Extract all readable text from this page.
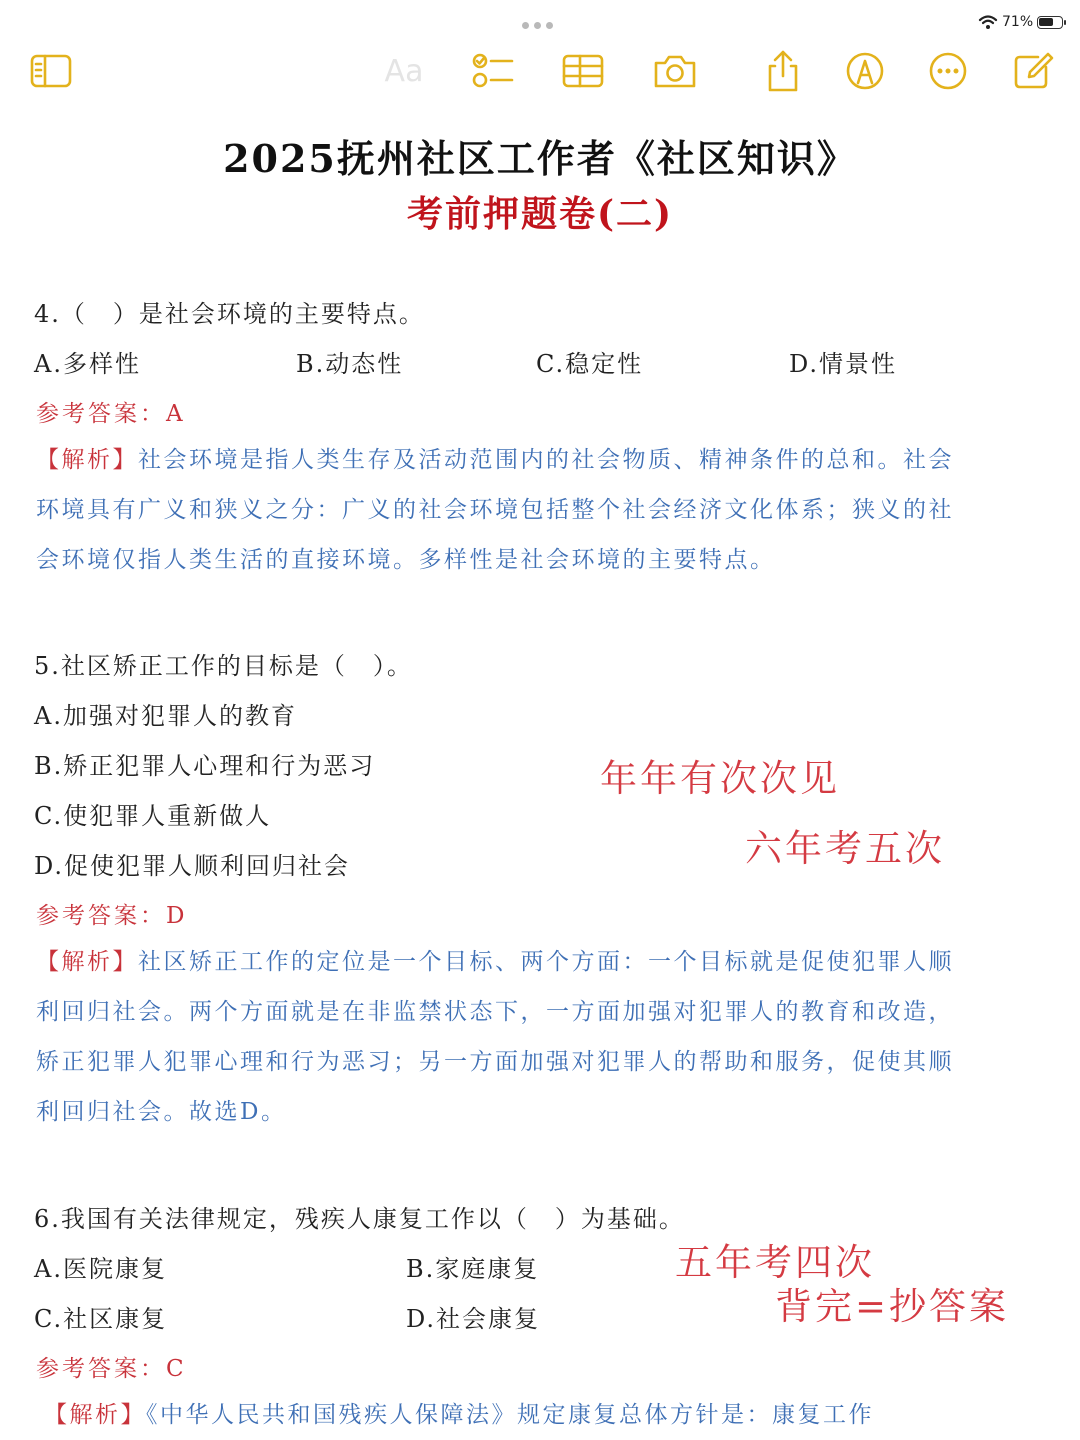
71%
Aa
2025抚州社区工作者《社区知识》
考前押题卷(二)
4.（　）是社会环境的主要特点。
A.多样性	B.动态性	C.稳定性	D.情景性
参考答案：A
【解析】社会环境是指人类生存及活动范围内的社会物质、精神条件的总和。社会
环境具有广义和狭义之分：广义的社会环境包括整个社会经济文化体系；狭义的社
会环境仅指人类生活的直接环境。多样性是社会环境的主要特点。
5.社区矫正工作的目标是（　）。
A.加强对犯罪人的教育
B.矫正犯罪人心理和行为恶习
C.使犯罪人重新做人
D.促使犯罪人顺利回归社会
年年有次次见
六年考五次
参考答案：D
【解析】社区矫正工作的定位是一个目标、两个方面：一个目标就是促使犯罪人顺
利回归社会。两个方面就是在非监禁状态下，一方面加强对犯罪人的教育和改造，
矫正犯罪人犯罪心理和行为恶习；另一方面加强对犯罪人的帮助和服务，促使其顺
利回归社会。故选D。
6.我国有关法律规定，残疾人康复工作以（　）为基础。
A.医院康复	B.家庭康复
C.社区康复	D.社会康复
五年考四次
背完=抄答案
参考答案：C
【解析】《中华人民共和国残疾人保障法》规定康复总体方针是：康复工作
